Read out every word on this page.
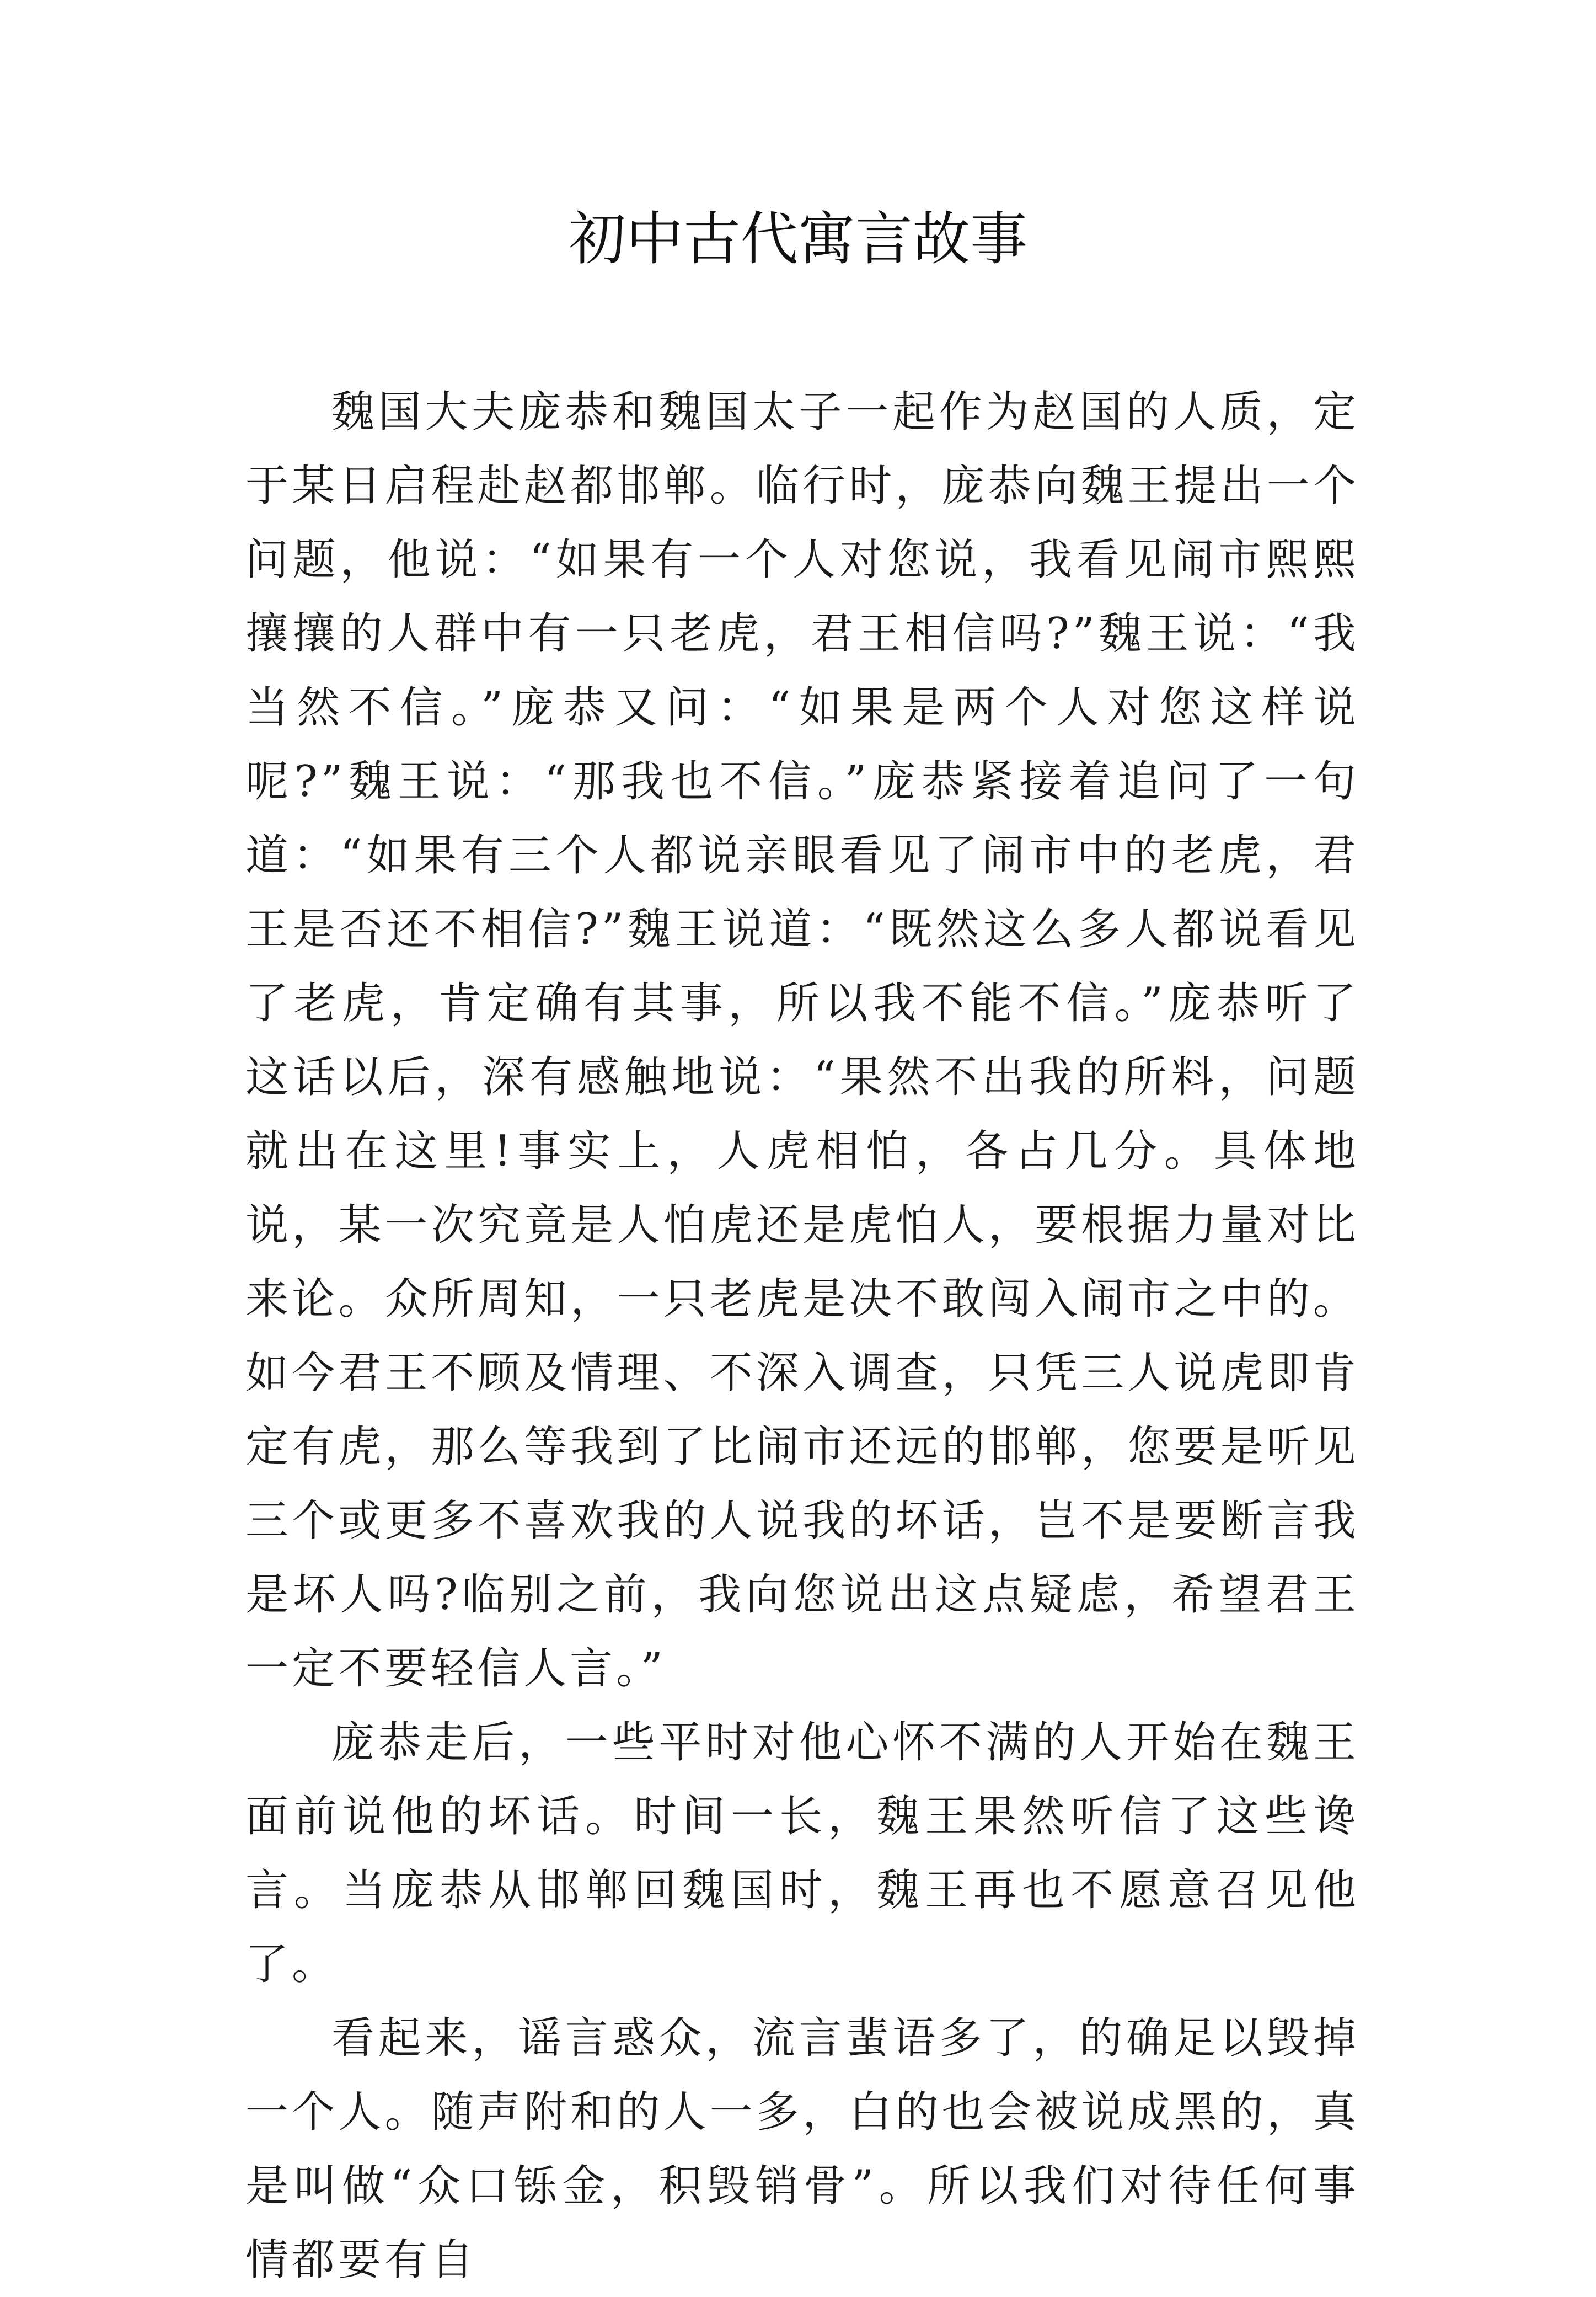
初中古代寓言故事

魏国大夫庞恭和魏国太子一起作为赵国的人质，定于某日启程赴赵都邯郸。临行时，庞恭向魏王提出一个问题，他说：“如果有一个人对您说，我看见闹市熙熙攘攘的人群中有一只老虎，君王相信吗?”魏王说：“我当然不信。”庞恭又问：“如果是两个人对您这样说呢?”魏王说：“那我也不信。”庞恭紧接着追问了一句道：“如果有三个人都说亲眼看见了闹市中的老虎，君王是否还不相信?”魏王说道：“既然这么多人都说看见了老虎，肯定确有其事，所以我不能不信。”庞恭听了这话以后，深有感触地说：“果然不出我的所料，问题就出在这里!事实上，人虎相怕，各占几分。具体地说，某一次究竟是人怕虎还是虎怕人，要根据力量对比来论。众所周知，一只老虎是决不敢闯入闹市之中的。如今君王不顾及情理、不深入调查，只凭三人说虎即肯定有虎，那么等我到了比闹市还远的邯郸，您要是听见三个或更多不喜欢我的人说我的坏话，岂不是要断言我是坏人吗?临别之前，我向您说出这点疑虑，希望君王一定不要轻信人言。”

庞恭走后，一些平时对他心怀不满的人开始在魏王面前说他的坏话。时间一长，魏王果然听信了这些谗言。当庞恭从邯郸回魏国时，魏王再也不愿意召见他了。

看起来，谣言惑众，流言蜚语多了，的确足以毁掉一个人。随声附和的人一多，白的也会被说成黑的，真是叫做“众口铄金，积毁销骨”。所以我们对待任何事情都要有自
